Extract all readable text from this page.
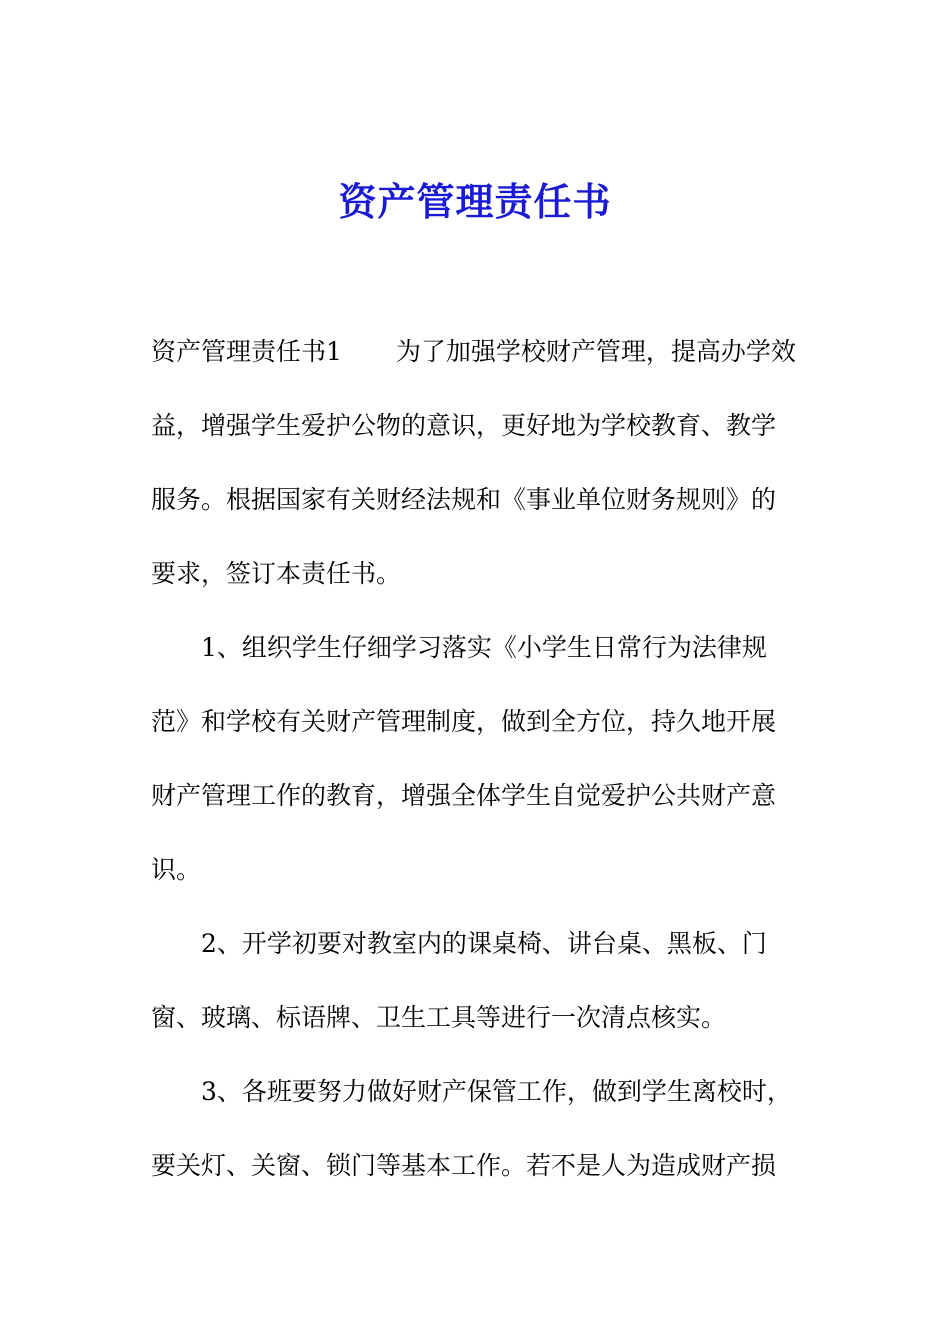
资产管理责任书
资产管理责任书1 为了加强学校财产管理，提高办学效
益，增强学生爱护公物的意识，更好地为学校教育、教学
服务。根据国家有关财经法规和《事业单位财务规则》的
要求，签订本责任书。
　　1、组织学生仔细学习落实《小学生日常行为法律规
范》和学校有关财产管理制度，做到全方位，持久地开展
财产管理工作的教育，增强全体学生自觉爱护公共财产意
识。
　　2、开学初要对教室内的课桌椅、讲台桌、黑板、门
窗、玻璃、标语牌、卫生工具等进行一次清点核实。
　　3、各班要努力做好财产保管工作，做到学生离校时，
要关灯、关窗、锁门等基本工作。若不是人为造成财产损
